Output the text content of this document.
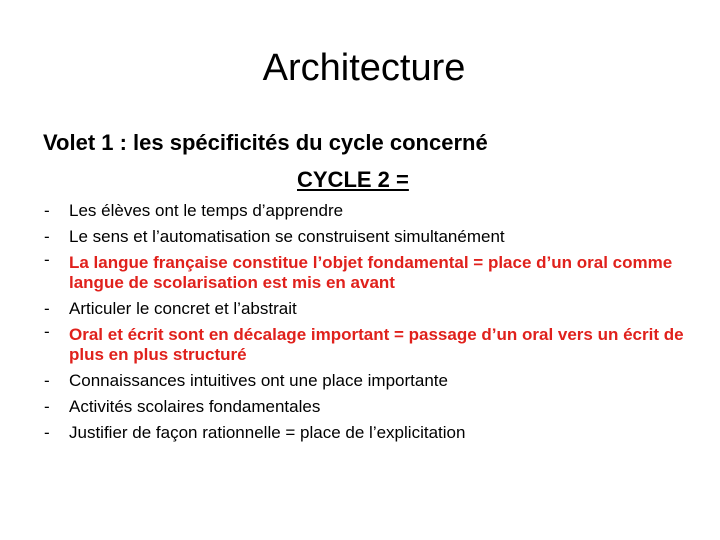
Architecture
Volet 1 : les spécificités du cycle concerné
CYCLE 2 =
- Les élèves ont le temps d’apprendre
- Le sens et l’automatisation se construisent simultanément
- La langue française constitue l’objet fondamental = place d’un oral comme langue de scolarisation est mis en avant
- Articuler le concret et l’abstrait
- Oral et écrit sont en décalage important = passage d’un oral vers un écrit de plus en plus structuré
- Connaissances intuitives ont une place importante
- Activités scolaires fondamentales
- Justifier de façon rationnelle = place de l’explicitation
